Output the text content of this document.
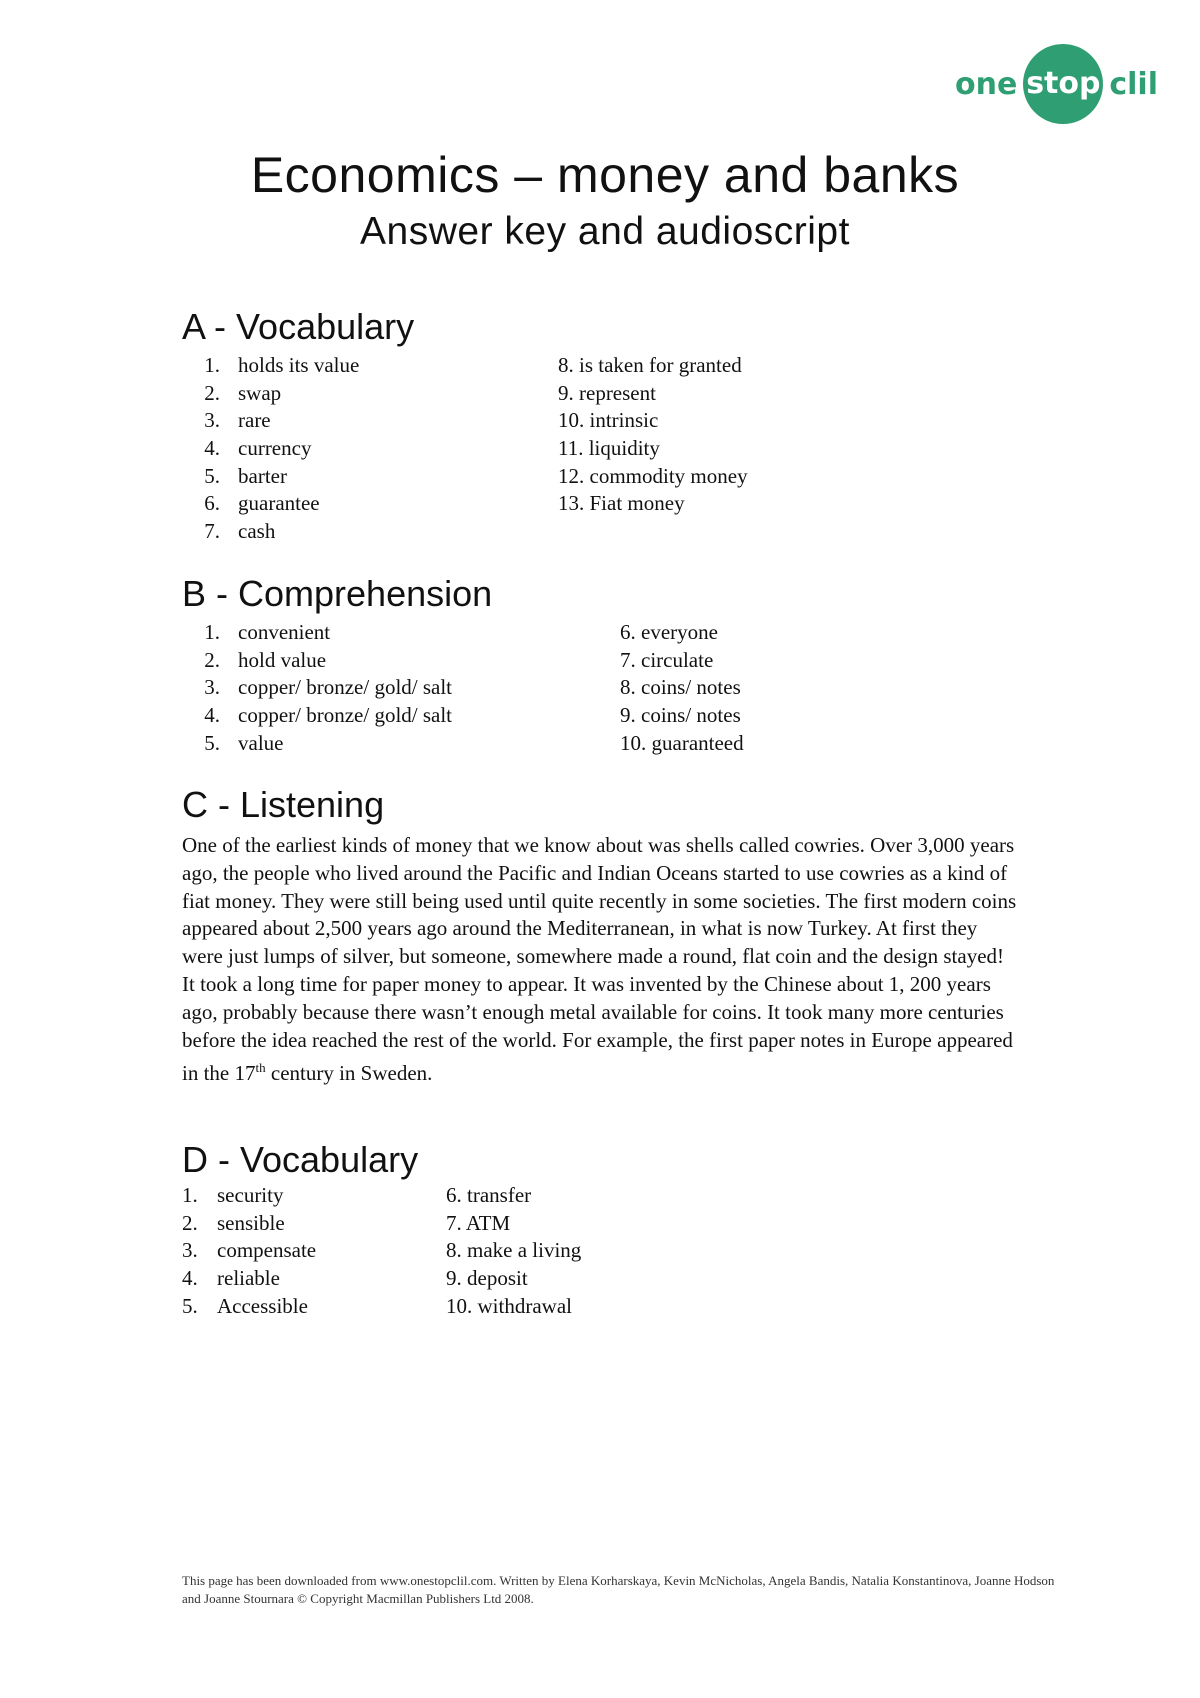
one stop clil
Economics – money and banks
Answer key and audioscript
A - Vocabulary
1. holds its value
2. swap
3. rare
4. currency
5. barter
6. guarantee
7. cash
8. is taken for granted
9. represent
10. intrinsic
11. liquidity
12. commodity money
13. Fiat money
B - Comprehension
1. convenient
2. hold value
3. copper/ bronze/ gold/ salt
4. copper/ bronze/ gold/ salt
5. value
6. everyone
7. circulate
8. coins/ notes
9. coins/ notes
10. guaranteed
C - Listening

One of the earliest kinds of money that we know about was shells called cowries. Over 3,000 years ago, the people who lived around the Pacific and Indian Oceans started to use cowries as a kind of fiat money. They were still being used until quite recently in some societies. The first modern coins appeared about 2,500 years ago around the Mediterranean, in what is now Turkey. At first they were just lumps of silver, but someone, somewhere made a round, flat coin and the design stayed! It took a long time for paper money to appear. It was invented by the Chinese about 1, 200 years ago, probably because there wasn’t enough metal available for coins. It took many more centuries before the idea reached the rest of the world. For example, the first paper notes in Europe appeared in the 17th century in Sweden.

D - Vocabulary
1. security
2. sensible
3. compensate
4. reliable
5. Accessible
6. transfer
7. ATM
8. make a living
9. deposit
10. withdrawal

This page has been downloaded from www.onestopclil.com. Written by Elena Korharskaya, Kevin McNicholas, Angela Bandis, Natalia Konstantinova, Joanne Hodson and Joanne Stournara © Copyright Macmillan Publishers Ltd 2008.
